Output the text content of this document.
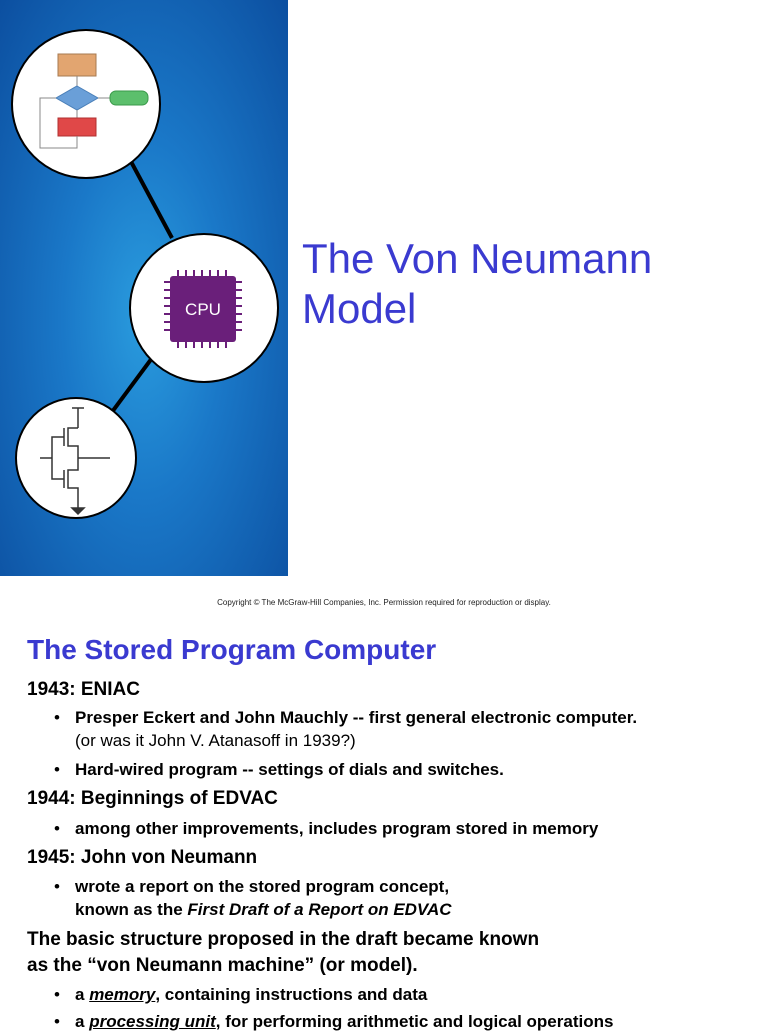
CPU
The Von Neumann Model
Copyright © The McGraw-Hill Companies, Inc. Permission required for reproduction or display.
The Stored Program Computer
1943: ENIAC
• Presper Eckert and John Mauchly -- first general electronic computer.
(or was it John V. Atanasoff in 1939?)
• Hard-wired program -- settings of dials and switches.
1944: Beginnings of EDVAC
• among other improvements, includes program stored in memory
1945: John von Neumann
• wrote a report on the stored program concept,
known as the First Draft of a Report on EDVAC
The basic structure proposed in the draft became known
as the “von Neumann machine” (or model).
• a memory, containing instructions and data
• a processing unit, for performing arithmetic and logical operations
